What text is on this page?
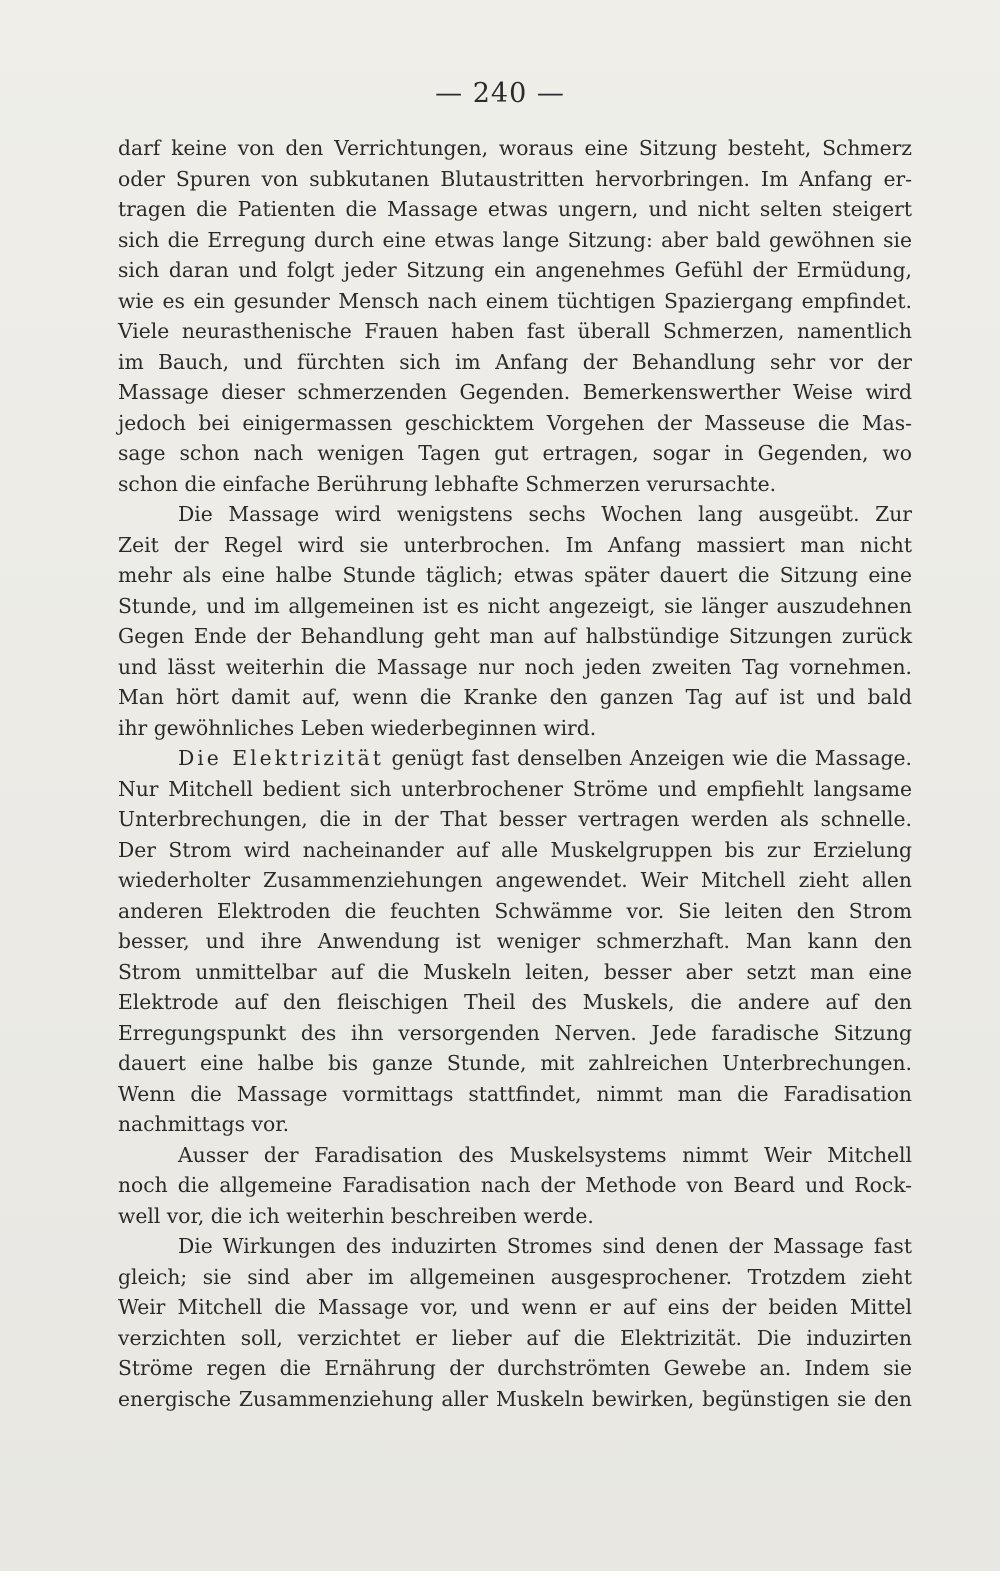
— 240 —
darf keine von den Verrichtungen, woraus eine Sitzung besteht, Schmerz
oder Spuren von subkutanen Blutaustritten hervorbringen. Im Anfang er-
tragen die Patienten die Massage etwas ungern, und nicht selten steigert
sich die Erregung durch eine etwas lange Sitzung: aber bald gewöhnen sie
sich daran und folgt jeder Sitzung ein angenehmes Gefühl der Ermüdung,
wie es ein gesunder Mensch nach einem tüchtigen Spaziergang empfindet.
Viele neurasthenische Frauen haben fast überall Schmerzen, namentlich
im Bauch, und fürchten sich im Anfang der Behandlung sehr vor der
Massage dieser schmerzenden Gegenden. Bemerkenswerther Weise wird
jedoch bei einigermassen geschicktem Vorgehen der Masseuse die Mas-
sage schon nach wenigen Tagen gut ertragen, sogar in Gegenden, wo
schon die einfache Berührung lebhafte Schmerzen verursachte.
Die Massage wird wenigstens sechs Wochen lang ausgeübt. Zur
Zeit der Regel wird sie unterbrochen. Im Anfang massiert man nicht
mehr als eine halbe Stunde täglich; etwas später dauert die Sitzung eine
Stunde, und im allgemeinen ist es nicht angezeigt, sie länger auszudehnen
Gegen Ende der Behandlung geht man auf halbstündige Sitzungen zurück
und lässt weiterhin die Massage nur noch jeden zweiten Tag vornehmen.
Man hört damit auf, wenn die Kranke den ganzen Tag auf ist und bald
ihr gewöhnliches Leben wiederbeginnen wird.
Die Elektrizität genügt fast denselben Anzeigen wie die Massage.
Nur Mitchell bedient sich unterbrochener Ströme und empfiehlt langsame
Unterbrechungen, die in der That besser vertragen werden als schnelle.
Der Strom wird nacheinander auf alle Muskelgruppen bis zur Erzielung
wiederholter Zusammenziehungen angewendet. Weir Mitchell zieht allen
anderen Elektroden die feuchten Schwämme vor. Sie leiten den Strom
besser, und ihre Anwendung ist weniger schmerzhaft. Man kann den
Strom unmittelbar auf die Muskeln leiten, besser aber setzt man eine
Elektrode auf den fleischigen Theil des Muskels, die andere auf den
Erregungspunkt des ihn versorgenden Nerven. Jede faradische Sitzung
dauert eine halbe bis ganze Stunde, mit zahlreichen Unterbrechungen.
Wenn die Massage vormittags stattfindet, nimmt man die Faradisation
nachmittags vor.
Ausser der Faradisation des Muskelsystems nimmt Weir Mitchell
noch die allgemeine Faradisation nach der Methode von Beard und Rock-
well vor, die ich weiterhin beschreiben werde.
Die Wirkungen des induzirten Stromes sind denen der Massage fast
gleich; sie sind aber im allgemeinen ausgesprochener. Trotzdem zieht
Weir Mitchell die Massage vor, und wenn er auf eins der beiden Mittel
verzichten soll, verzichtet er lieber auf die Elektrizität. Die induzirten
Ströme regen die Ernährung der durchströmten Gewebe an. Indem sie
energische Zusammenziehung aller Muskeln bewirken, begünstigen sie den
